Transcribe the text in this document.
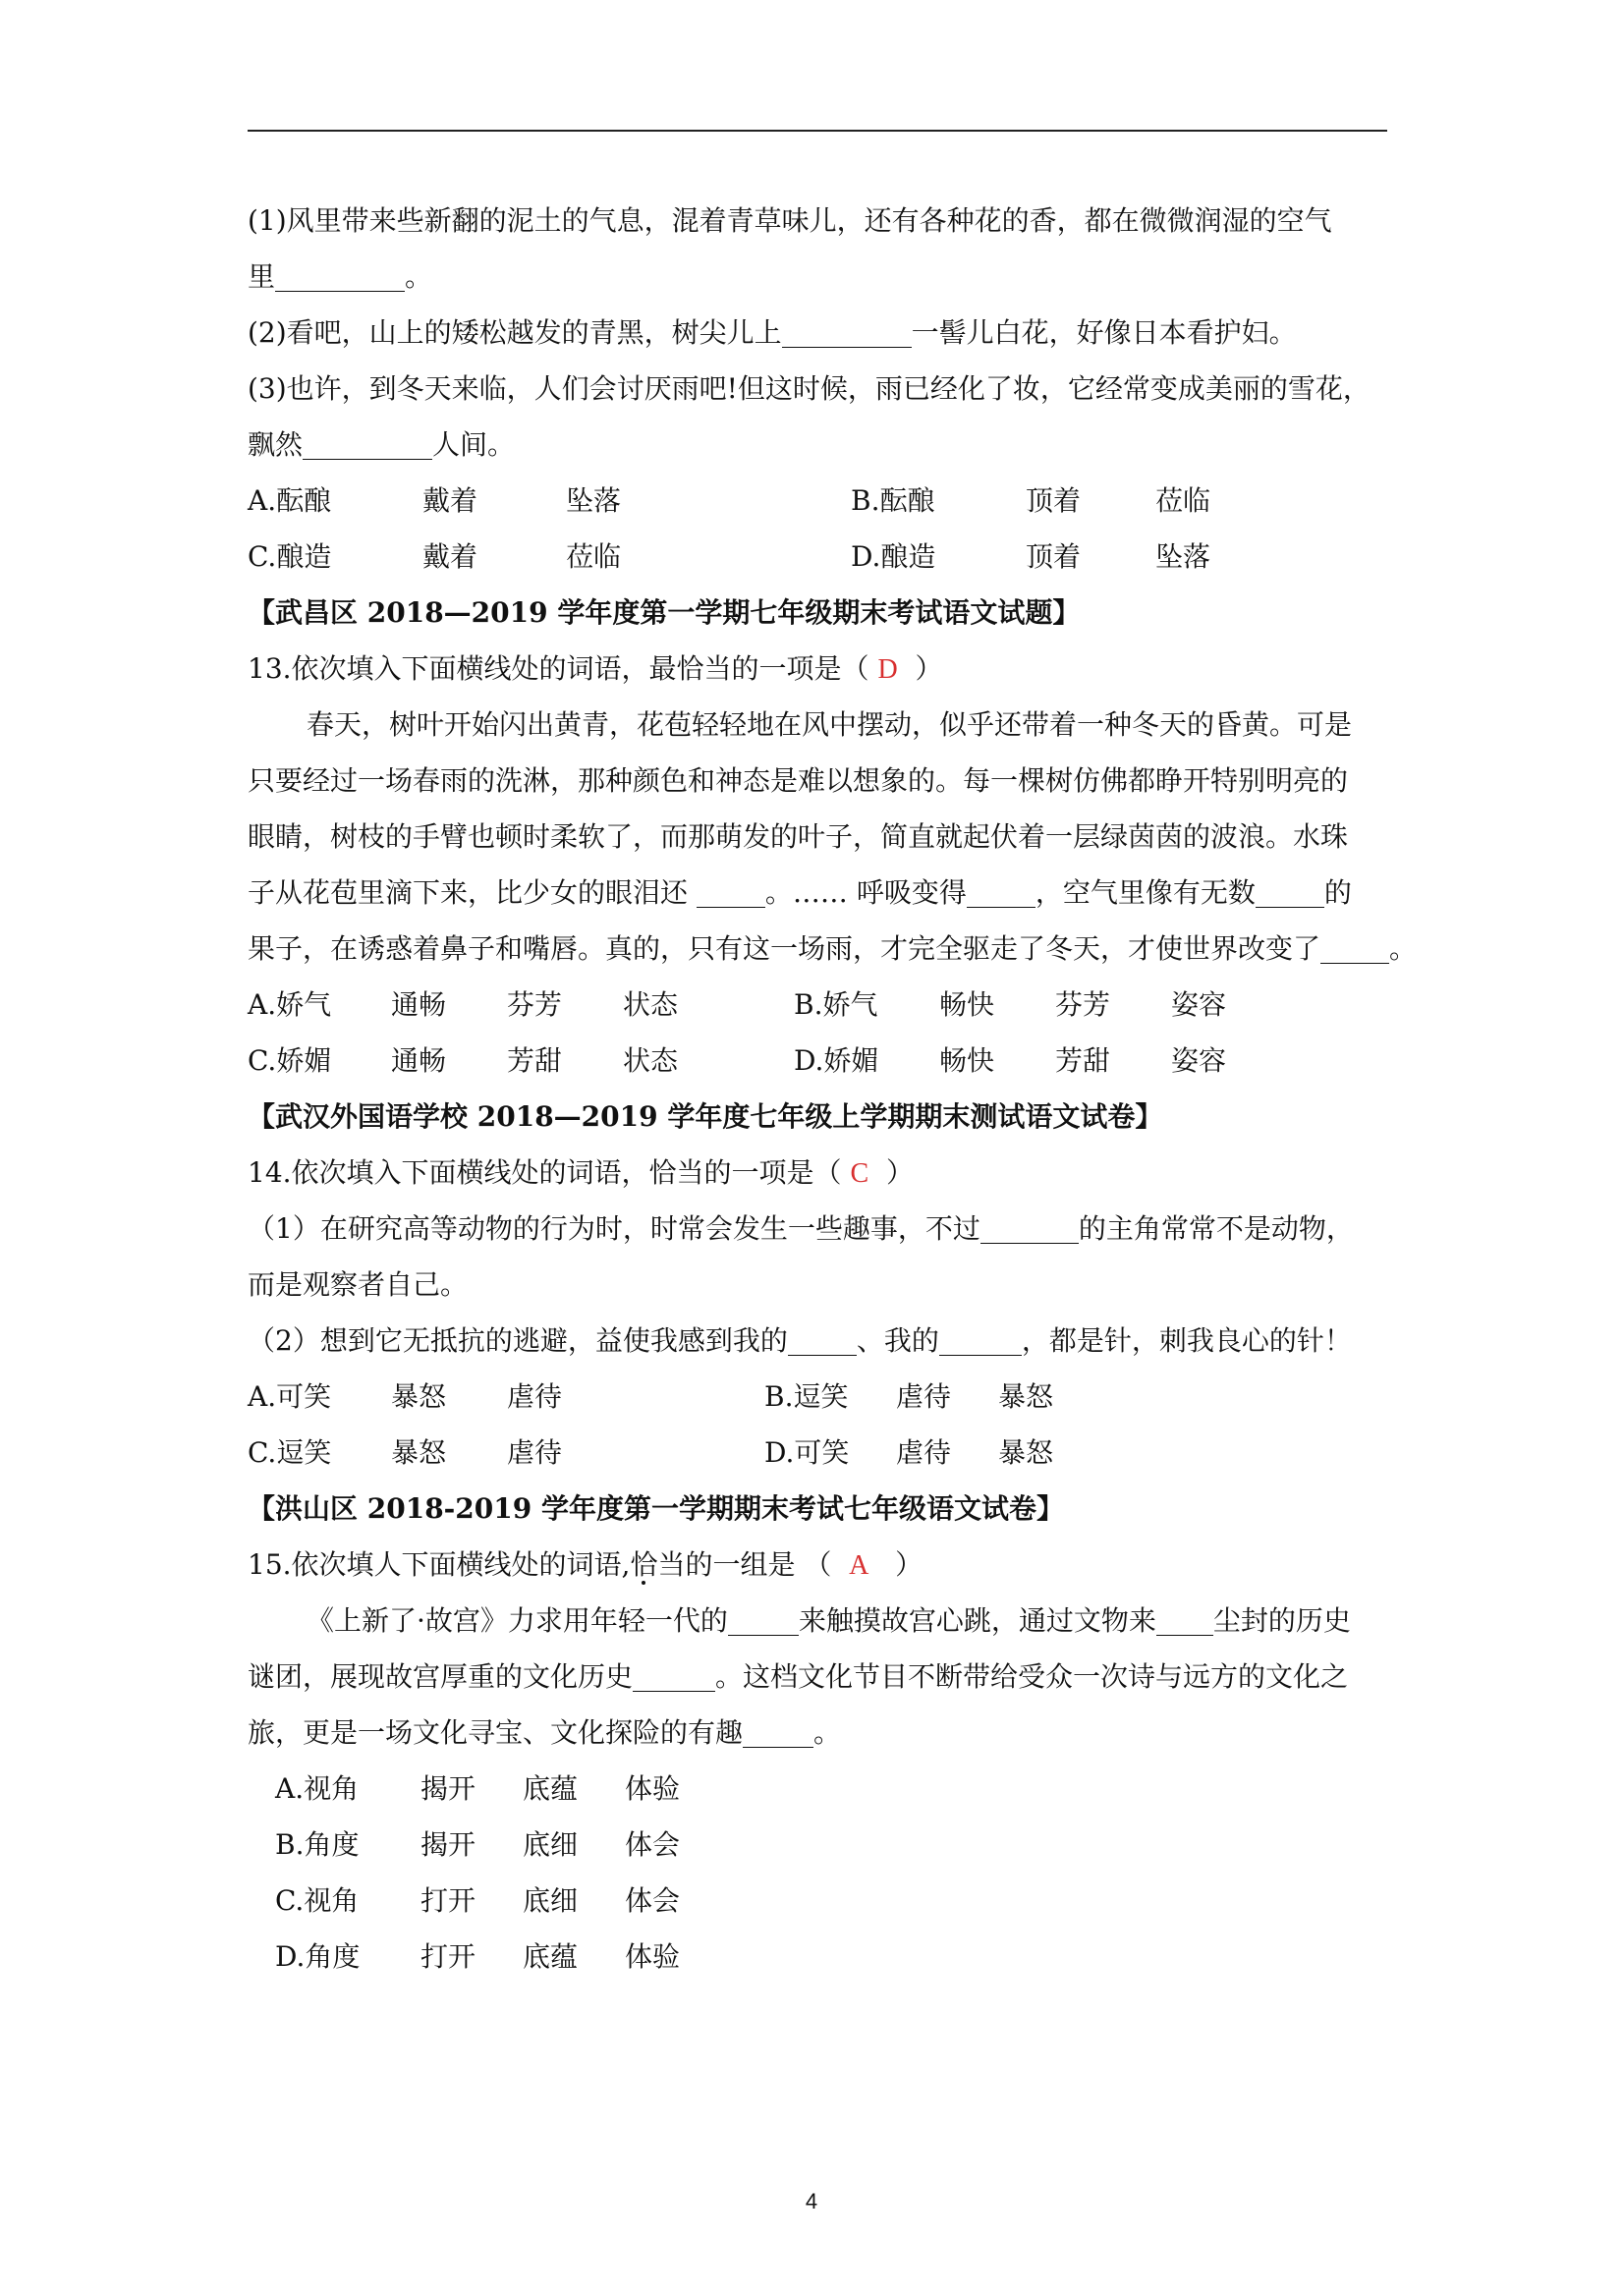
(1)风里带来些新翻的泥土的气息，混着青草味儿，还有各种花的香，都在微微润湿的空气
里	。
(2)看吧，山上的矮松越发的青黑，树尖儿上	一髻儿白花，好像日本看护妇。
(3)也许，到冬天来临，人们会讨厌雨吧!但这时候，雨已经化了妆，它经常变成美丽的雪花，
飘然	人间。
A.酝酿	戴着	坠落	B.酝酿	顶着	莅临
C.酿造	戴着	莅临	D.酿造	顶着	坠落
【武昌区 2018—2019 学年度第一学期七年级期末考试语文试题】
13.依次填入下面横线处的词语，最恰当的一项是（ D ）
春天，树叶开始闪出黄青，花苞轻轻地在风中摆动，似乎还带着一种冬天的昏黄。可是
只要经过一场春雨的洗淋，那种颜色和神态是难以想象的。每一棵树仿佛都睁开特别明亮的
眼睛，树枝的手臂也顿时柔软了，而那萌发的叶子，简直就起伏着一层绿茵茵的波浪。水珠
子从花苞里滴下来，比少女的眼泪还	。…… 呼吸变得	，空气里像有无数	的
果子，在诱惑着鼻子和嘴唇。真的，只有这一场雨，才完全驱走了冬天，才使世界改变了	。
A.娇气	通畅	芬芳	状态	B.娇气	畅快	芬芳	姿容
C.娇媚	通畅	芳甜	状态	D.娇媚	畅快	芳甜	姿容
【武汉外国语学校 2018—2019 学年度七年级上学期期末测试语文试卷】
14.依次填入下面横线处的词语，恰当的一项是（ C ）
（1）在研究高等动物的行为时，时常会发生一些趣事，不过	的主角常常不是动物，
而是观察者自己。
（2）想到它无抵抗的逃避，益使我感到我的	、我的	，都是针，刺我良心的针！
A.可笑	暴怒	虐待	B.逗笑	虐待	暴怒
C.逗笑	暴怒	虐待	D.可笑	虐待	暴怒
【洪山区 2018-2019 学年度第一学期期末考试七年级语文试卷】
15.依次填人下面横线处的词语,恰当的一组是 （ A ）
《上新了·故宫》力求用年轻一代的	来触摸故宫心跳，通过文物来 尘封的历史
谜团，展现故宫厚重的文化历史	。这档文化节目不断带给受众一次诗与远方的文化之
旅，更是一场文化寻宝、文化探险的有趣	。
A.视角	揭开	底蕴	体验
B.角度	揭开	底细	体会
C.视角	打开	底细	体会
D.角度	打开	底蕴	体验
4
